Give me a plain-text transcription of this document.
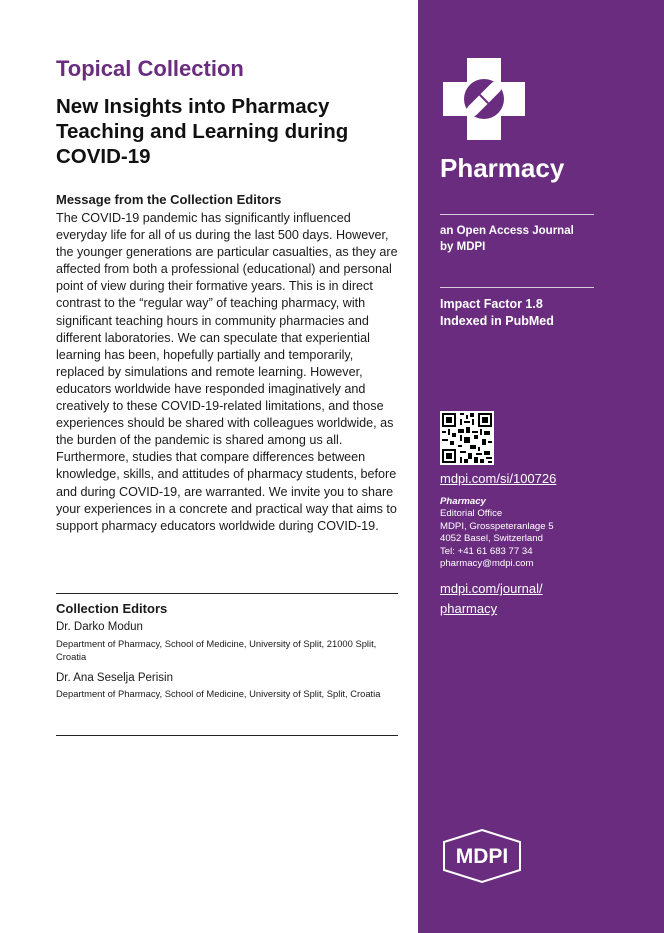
Topical Collection
New Insights into Pharmacy Teaching and Learning during COVID-19
Message from the Collection Editors
The COVID-19 pandemic has significantly influenced everyday life for all of us during the last 500 days. However, the younger generations are particular casualties, as they are affected from both a professional (educational) and personal point of view during their formative years. This is in direct contrast to the “regular way” of teaching pharmacy, with significant teaching hours in community pharmacies and different laboratories. We can speculate that experiential learning has been, hopefully partially and temporarily, replaced by simulations and remote learning. However, educators worldwide have responded imaginatively and creatively to these COVID-19-related limitations, and those experiences should be shared with colleagues worldwide, as the burden of the pandemic is shared among us all. Furthermore, studies that compare differences between knowledge, skills, and attitudes of pharmacy students, before and during COVID-19, are warranted. We invite you to share your experiences in a concrete and practical way that aims to support pharmacy educators worldwide during COVID-19.
Collection Editors
Dr. Darko Modun
Department of Pharmacy, School of Medicine, University of Split, 21000 Split, Croatia
Dr. Ana Seselja Perisin
Department of Pharmacy, School of Medicine, University of Split, Split, Croatia
Pharmacy
an Open Access Journal
by MDPI
Impact Factor 1.8
Indexed in PubMed
mdpi.com/si/100726
Pharmacy
Editorial Office
MDPI, Grosspeteranlage 5
4052 Basel, Switzerland
Tel: +41 61 683 77 34
pharmacy@mdpi.com
mdpi.com/journal/
pharmacy
MDPI
